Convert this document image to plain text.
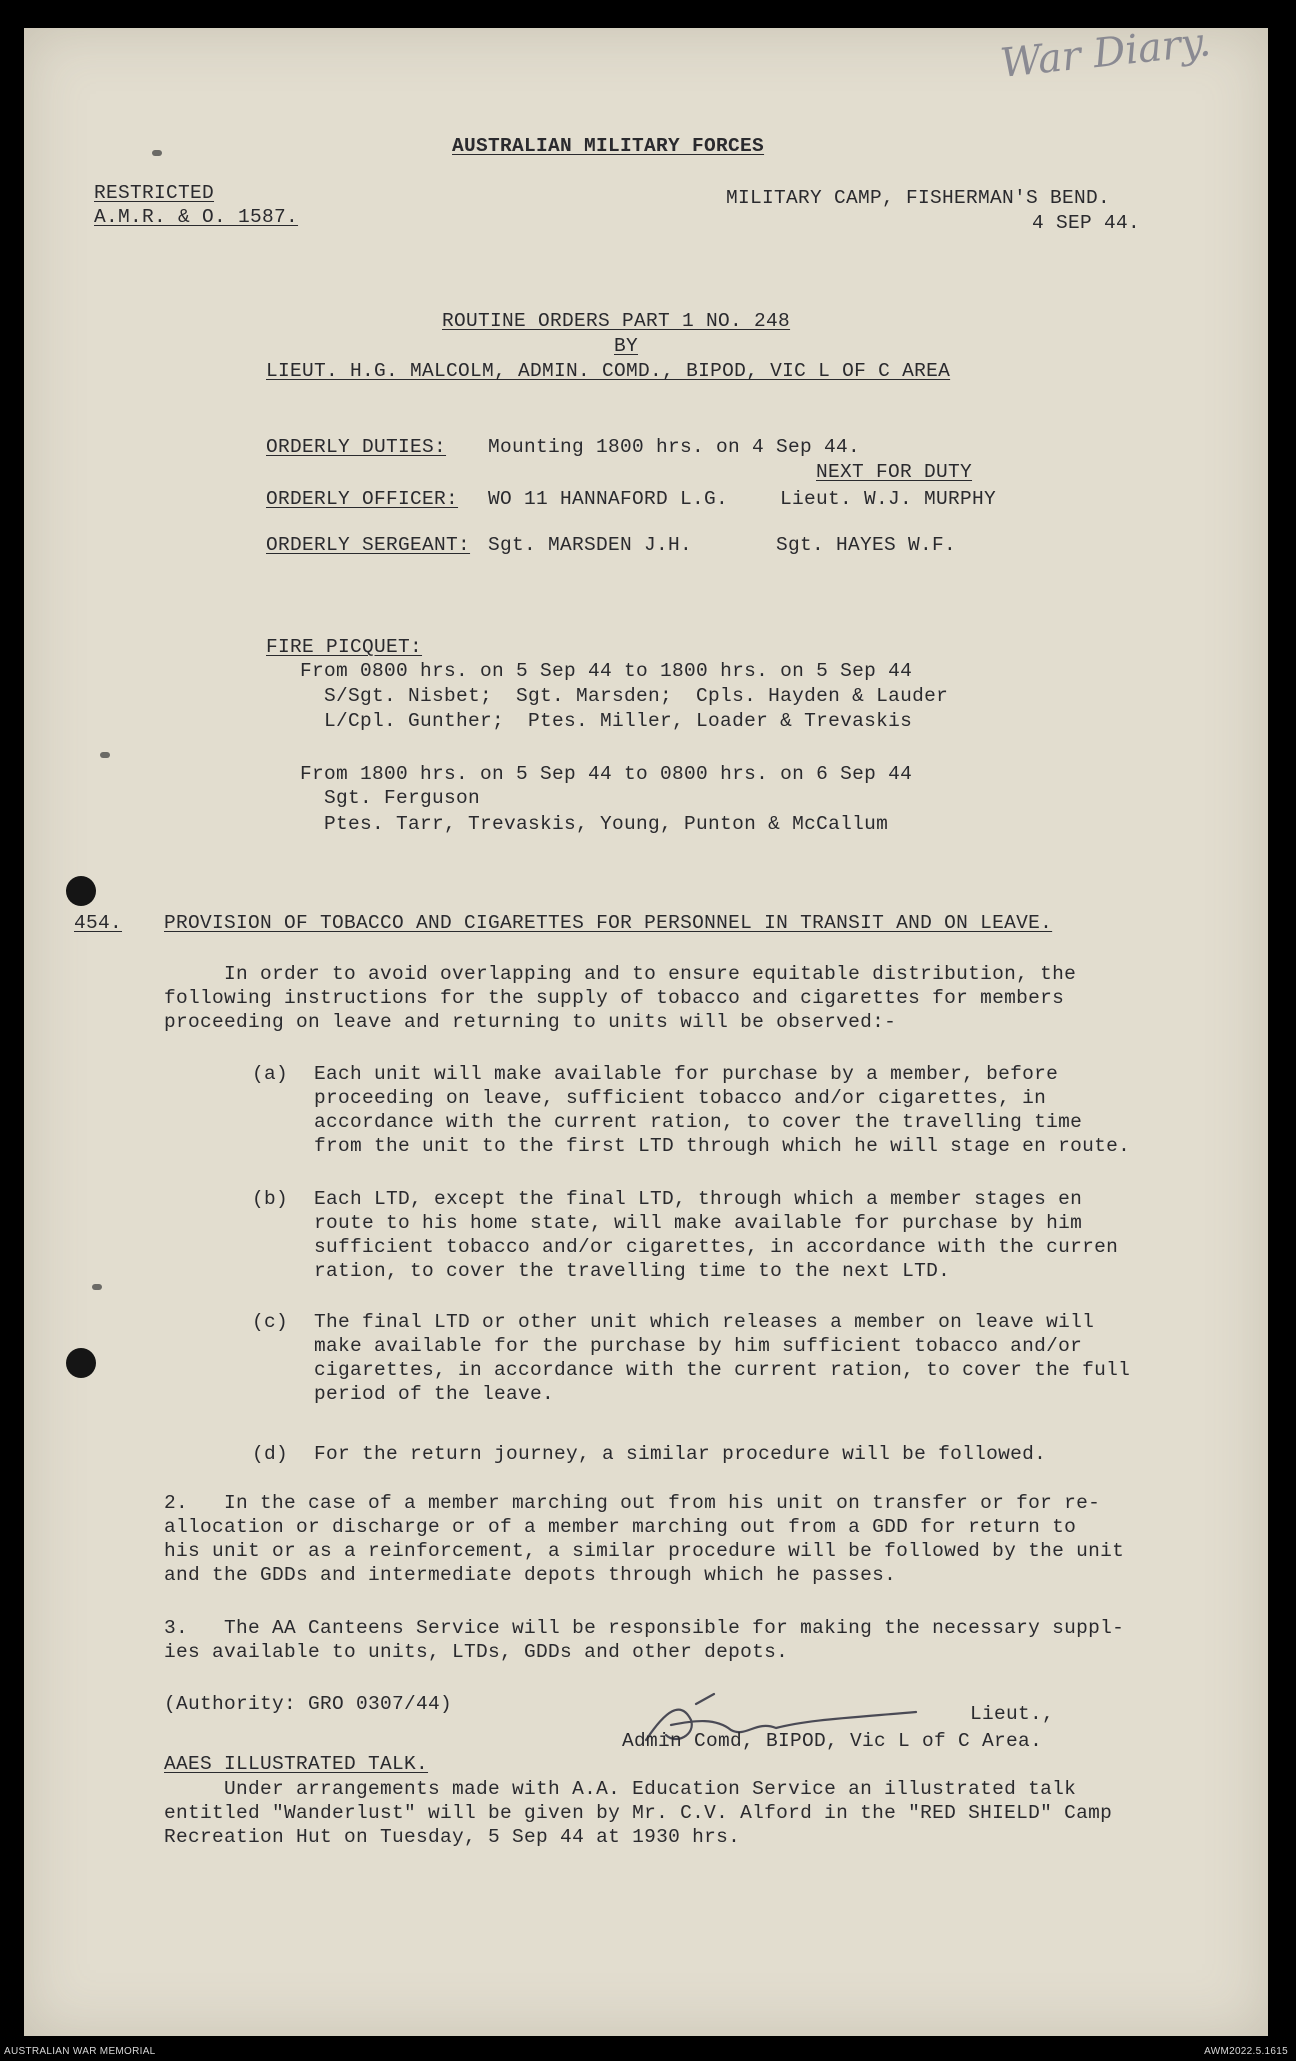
War Diary.
AUSTRALIAN MILITARY FORCES
RESTRICTED
A.M.R. & O. 1587.
MILITARY CAMP, FISHERMAN'S BEND.
4 SEP 44.
ROUTINE ORDERS PART 1 NO. 248
BY
LIEUT. H.G. MALCOLM, ADMIN. COMD., BIPOD, VIC L OF C AREA
ORDERLY DUTIES: Mounting 1800 hrs. on 4 Sep 44.
NEXT FOR DUTY
ORDERLY OFFICER: WO 11 HANNAFORD L.G.	Lieut. W.J. MURPHY
ORDERLY SERGEANT: Sgt. MARSDEN J.H.	Sgt. HAYES W.F.
FIRE PICQUET:
From 0800 hrs. on 5 Sep 44 to 1800 hrs. on 5 Sep 44
S/Sgt. Nisbet;  Sgt. Marsden;  Cpls. Hayden & Lauder
L/Cpl. Gunther;  Ptes. Miller, Loader & Trevaskis
From 1800 hrs. on 5 Sep 44 to 0800 hrs. on 6 Sep 44
Sgt. Ferguson
Ptes. Tarr, Trevaskis, Young, Punton & McCallum
454. PROVISION OF TOBACCO AND CIGARETTES FOR PERSONNEL IN TRANSIT AND ON LEAVE.
In order to avoid overlapping and to ensure equitable distribution, the
following instructions for the supply of tobacco and cigarettes for members
proceeding on leave and returning to units will be observed:-
(a) Each unit will make available for purchase by a member, before
proceeding on leave, sufficient tobacco and/or cigarettes, in
accordance with the current ration, to cover the travelling time
from the unit to the first LTD through which he will stage en route.
(b) Each LTD, except the final LTD, through which a member stages en
route to his home state, will make available for purchase by him
sufficient tobacco and/or cigarettes, in accordance with the curren
ration, to cover the travelling time to the next LTD.
(c) The final LTD or other unit which releases a member on leave will
make available for the purchase by him sufficient tobacco and/or
cigarettes, in accordance with the current ration, to cover the full
period of the leave.
(d) For the return journey, a similar procedure will be followed.
2.   In the case of a member marching out from his unit on transfer or for re-
allocation or discharge or of a member marching out from a GDD for return to
his unit or as a reinforcement, a similar procedure will be followed by the unit
and the GDDs and intermediate depots through which he passes.
3.   The AA Canteens Service will be responsible for making the necessary suppl-
ies available to units, LTDs, GDDs and other depots.
(Authority: GRO 0307/44)	Lieut.,
Admin Comd, BIPOD, Vic L of C Area.
AAES ILLUSTRATED TALK.
Under arrangements made with A.A. Education Service an illustrated talk
entitled "Wanderlust" will be given by Mr. C.V. Alford in the "RED SHIELD" Camp
Recreation Hut on Tuesday, 5 Sep 44 at 1930 hrs.
AUSTRALIAN WAR MEMORIAL	AWM2022.5.1615
